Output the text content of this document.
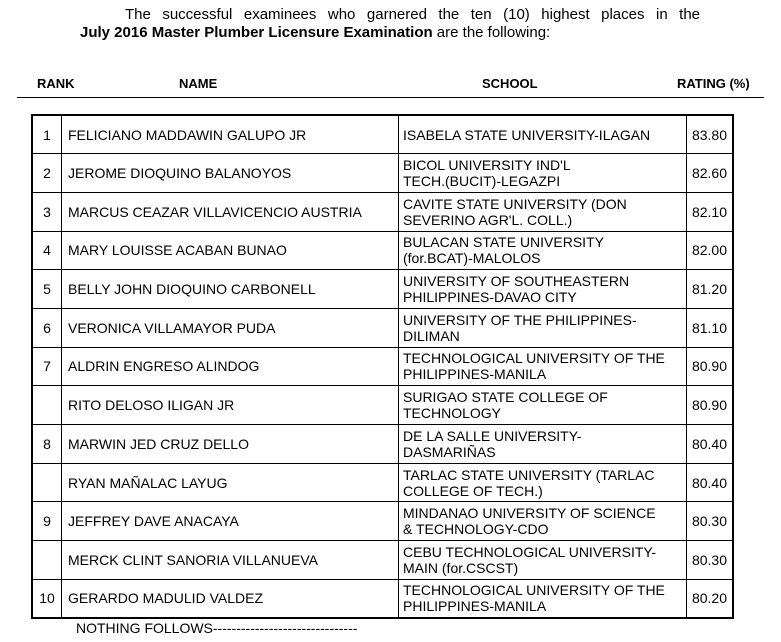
The successful examinees who garnered the ten (10) highest places in the
July 2016 Master Plumber Licensure Examination are the following:
RANK	NAME	SCHOOL	RATING (%)
1	FELICIANO MADDAWIN GALUPO JR	ISABELA STATE UNIVERSITY-ILAGAN	83.80
2	JEROME DIOQUINO BALANOYOS	BICOL UNIVERSITY IND'L
TECH.(BUCIT)-LEGAZPI	82.60
3	MARCUS CEAZAR VILLAVICENCIO AUSTRIA	CAVITE STATE UNIVERSITY (DON
SEVERINO AGR'L. COLL.)	82.10
4	MARY LOUISSE ACABAN BUNAO	BULACAN STATE UNIVERSITY
(for.BCAT)-MALOLOS	82.00
5	BELLY JOHN DIOQUINO CARBONELL	UNIVERSITY OF SOUTHEASTERN
PHILIPPINES-DAVAO CITY	81.20
6	VERONICA VILLAMAYOR PUDA	UNIVERSITY OF THE PHILIPPINES-
DILIMAN	81.10
7	ALDRIN ENGRESO ALINDOG	TECHNOLOGICAL UNIVERSITY OF THE
PHILIPPINES-MANILA	80.90
	RITO DELOSO ILIGAN JR	SURIGAO STATE COLLEGE OF
TECHNOLOGY	80.90
8	MARWIN JED CRUZ DELLO	DE LA SALLE UNIVERSITY-
DASMARIÑAS	80.40
	RYAN MAÑALAC LAYUG	TARLAC STATE UNIVERSITY (TARLAC
COLLEGE OF TECH.)	80.40
9	JEFFREY DAVE ANACAYA	MINDANAO UNIVERSITY OF SCIENCE
& TECHNOLOGY-CDO	80.30
	MERCK CLINT SANORIA VILLANUEVA	CEBU TECHNOLOGICAL UNIVERSITY-
MAIN (for.CSCST)	80.30
10	GERARDO MADULID VALDEZ	TECHNOLOGICAL UNIVERSITY OF THE
PHILIPPINES-MANILA	80.20
NOTHING FOLLOWS-------------------------------
